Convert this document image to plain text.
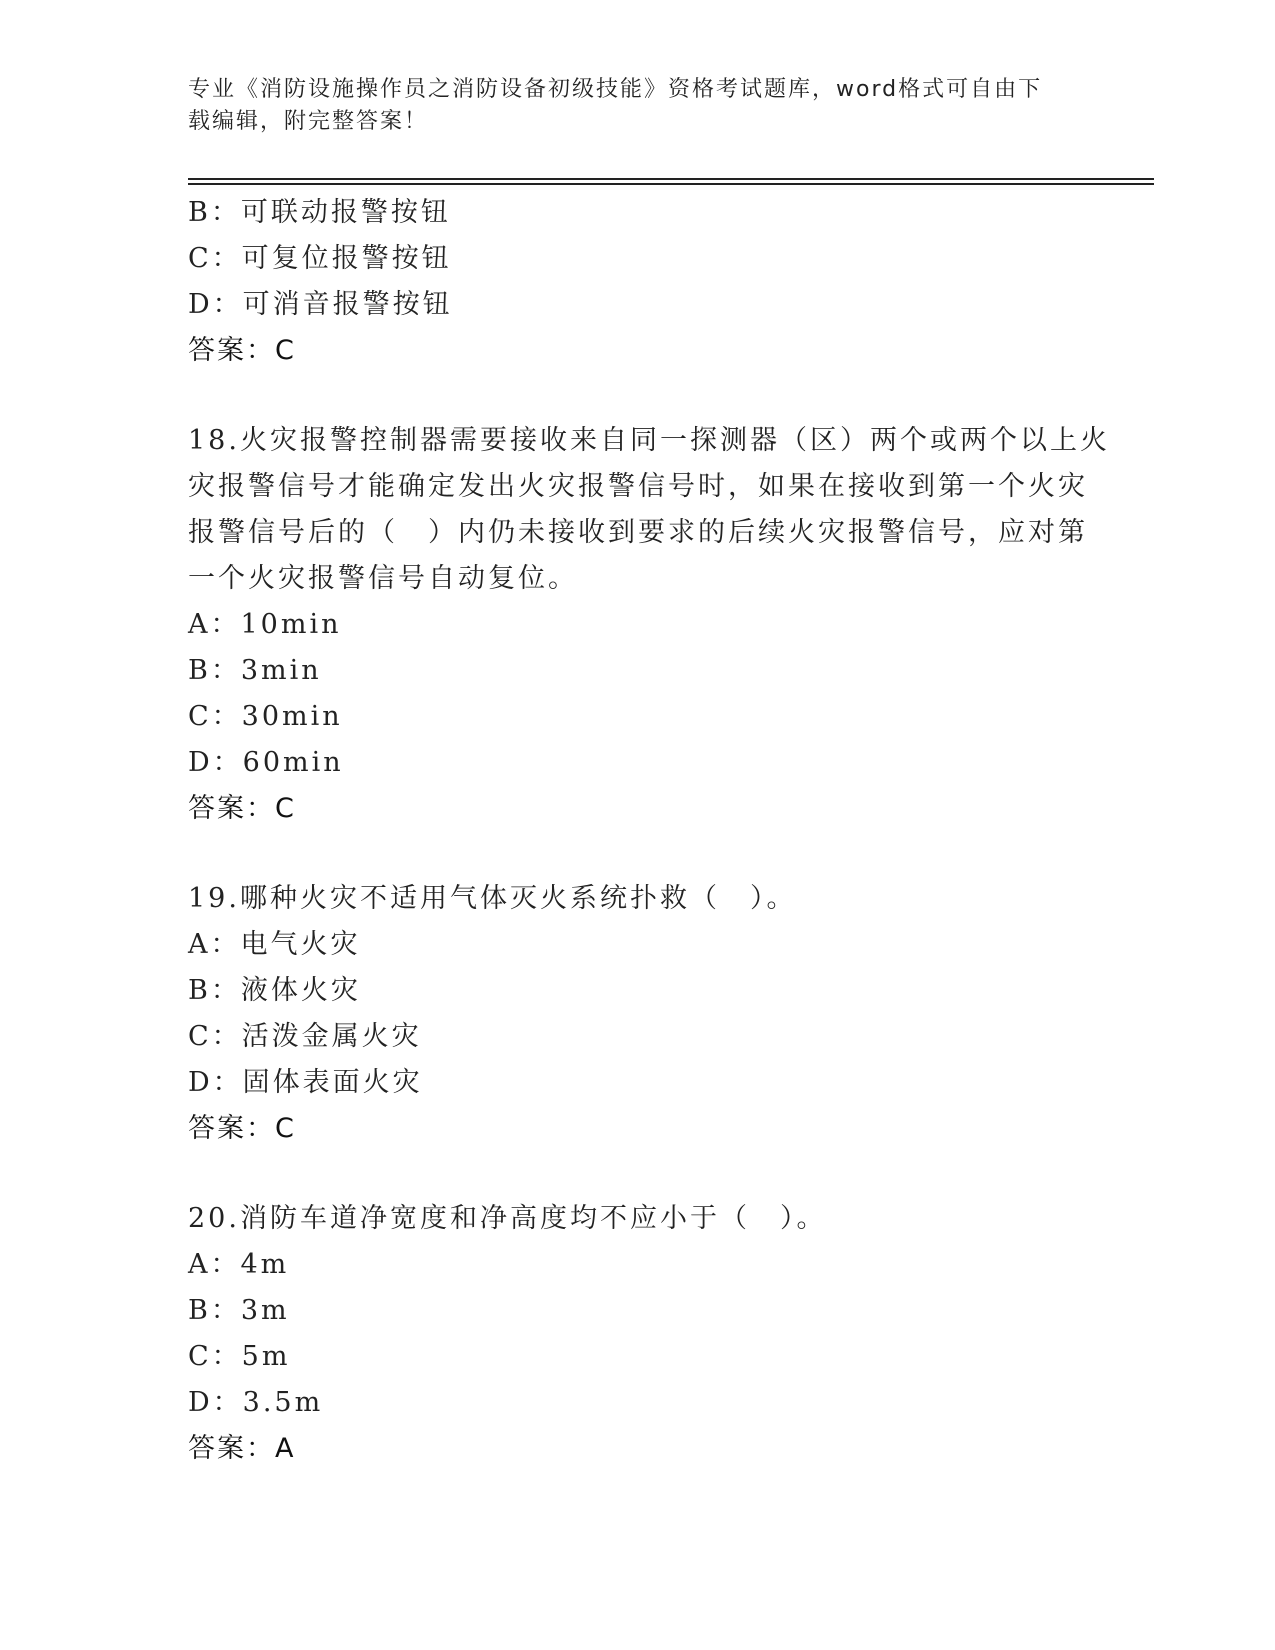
专业《消防设施操作员之消防设备初级技能》资格考试题库，word格式可自由下
载编辑，附完整答案！
B：可联动报警按钮
C：可复位报警按钮
D：可消音报警按钮
答案：C
18.火灾报警控制器需要接收来自同一探测器（区）两个或两个以上火
灾报警信号才能确定发出火灾报警信号时，如果在接收到第一个火灾
报警信号后的（　）内仍未接收到要求的后续火灾报警信号，应对第
一个火灾报警信号自动复位。
A：10min
B：3min
C：30min
D：60min
答案：C
19.哪种火灾不适用气体灭火系统扑救（　）。
A：电气火灾
B：液体火灾
C：活泼金属火灾
D：固体表面火灾
答案：C
20.消防车道净宽度和净高度均不应小于（　）。
A：4m
B：3m
C：5m
D：3.5m
答案：A
